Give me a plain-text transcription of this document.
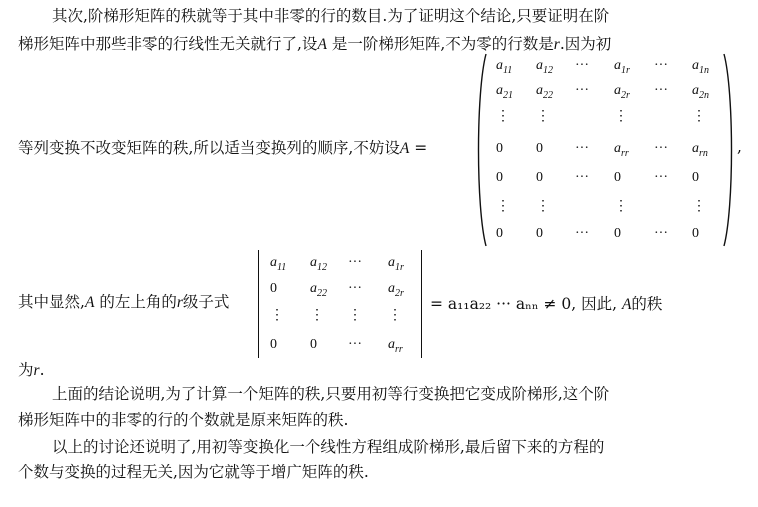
其次,阶梯形矩阵的秩就等于其中非零的行的数目.为了证明这个结论,只要证明在阶
梯形矩阵中那些非零的行线性无关就行了,设A 是一阶梯形矩阵,不为零的行数是r.因为初
等列变换不改变矩阵的秩,所以适当变换列的顺序,不妨设A =
$a_{11}$ $a_{12}$ ··· $a_{1r}$ ··· $a_{1n}$
$a_{21}$ $a_{22}$ ··· $a_{2r}$ ··· $a_{2n}$
⋮ ⋮	⋮	⋮
0 0 ··· $a_{rr}$ ··· $a_{rn}$
0 0 ··· 0 ··· 0
⋮ ⋮	⋮	⋮
0 0 ··· 0 ··· 0
,
其中显然,A 的左上角的r级子式
$a_{11}$ $a_{12}$ ··· $a_{1r}$
0 $a_{22}$ ··· $a_{2r}$
⋮ ⋮ ⋮ ⋮
0 0 ··· $a_{rr}$
= a₁₁a₂₂ ··· aₙₙ ≠ 0, 因此, A的秩
为r.
上面的结论说明,为了计算一个矩阵的秩,只要用初等行变换把它变成阶梯形,这个阶
梯形矩阵中的非零的行的个数就是原来矩阵的秩.
以上的讨论还说明了,用初等变换化一个线性方程组成阶梯形,最后留下来的方程的
个数与变换的过程无关,因为它就等于增广矩阵的秩.
